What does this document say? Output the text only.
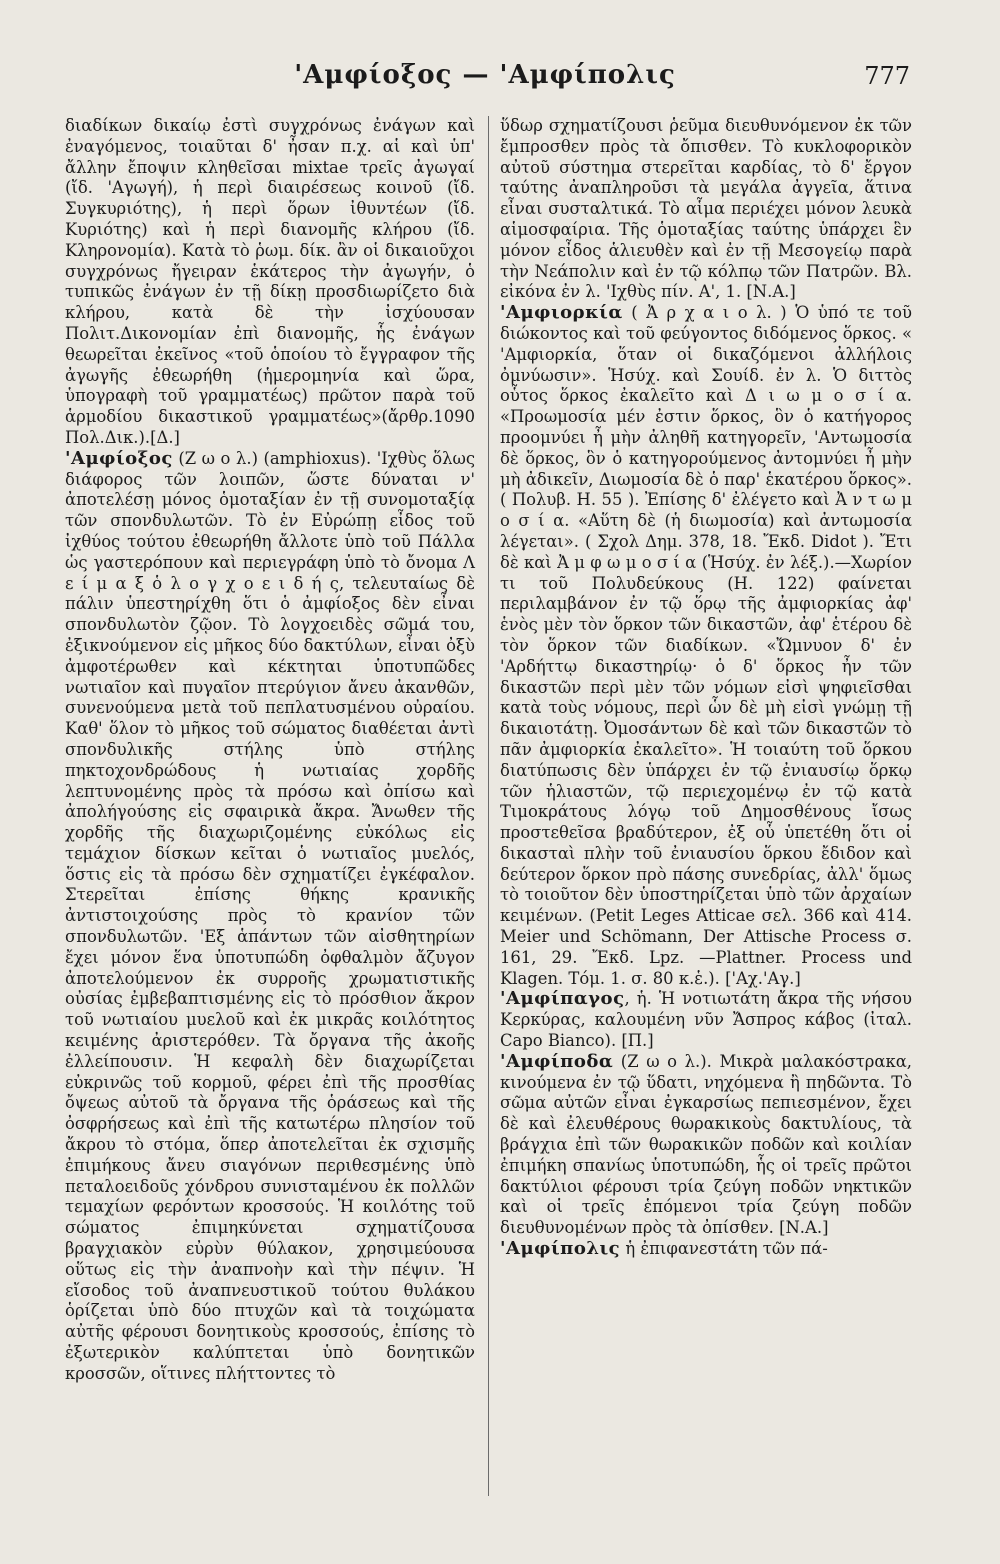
'Αμφίοξος — 'Αμφίπολις	777

διαδίκων δικαίῳ ἐστὶ συγχρόνως ἐνάγων καὶ ἐναγόμενος, τοιαῦται δ' ἦσαν π.χ. αἱ καὶ ὑπ' ἄλλην ἔποψιν κληθεῖσαι mixtae τρεῖς ἀγωγαί (ἴδ. 'Αγωγή), ἡ περὶ διαιρέσεως κοινοῦ (ἴδ. Συγκυριότης), ἡ περὶ ὅρων ἰθυντέων (ἴδ. Κυριότης) καὶ ἡ περὶ διανομῆς κλήρου (ἴδ. Κληρονομία). Κατὰ τὸ ῥωμ. δίκ. ἂν οἱ δικαιοῦχοι συγχρόνως ἤγειραν ἑκάτερος τὴν ἀγωγήν, ὁ τυπικῶς ἐνάγων ἐν τῇ δίκῃ προσδιωρίζετο διὰ κλήρου, κατὰ δὲ τὴν ἰσχύουσαν Πολιτ.Δικονομίαν ἐπὶ διανομῆς, ἧς ἐνάγων θεωρεῖται ἐκεῖνος «τοῦ ὁποίου τὸ ἔγγραφον τῆς ἀγωγῆς ἐθεωρήθη (ἡμερομηνία καὶ ὥρα, ὑπογραφὴ τοῦ γραμματέως) πρῶτον παρὰ τοῦ ἁρμοδίου δικαστικοῦ γραμματέως»(ἄρθρ.1090 Πολ.Δικ.).[Δ.]

'Αμφίοξος (Ζ ω ο λ.) (amphioxus). 'Ιχθὺς ὅλως διάφορος τῶν λοιπῶν, ὥστε δύναται ν' ἀποτελέσῃ μόνος ὁμοταξίαν ἐν τῇ συνομοταξίᾳ τῶν σπονδυλωτῶν. Τὸ ἐν Εὐρώπῃ εἶδος τοῦ ἰχθύος τούτου ἐθεωρήθη ἄλλοτε ὑπὸ τοῦ Πάλλα ὡς γαστερόπουν καὶ περιεγράφη ὑπὸ τὸ ὄνομα Λ ε ί μ α ξ ὁ λ ο γ χ ο ε ι δ ή ς, τελευταίως δὲ πάλιν ὑπεστηρίχθη ὅτι ὁ ἀμφίοξος δὲν εἶναι σπονδυλωτὸν ζῷον. Τὸ λογχοειδὲς σῶμά του, ἐξικνούμενον εἰς μῆκος δύο δακτύλων, εἶναι ὀξὺ ἀμφοτέρωθεν καὶ κέκτηται ὑποτυπῶδες νωτιαῖον καὶ πυγαῖον πτερύγιον ἄνευ ἀκανθῶν, συνενούμενα μετὰ τοῦ πεπλατυσμένου οὐραίου. Καθ' ὅλον τὸ μῆκος τοῦ σώματος διαθέεται ἀντὶ σπονδυλικῆς στήλης ὑπὸ στήλης πηκτοχονδρώδους ἡ νωτιαίας χορδῆς λεπτυνομένης πρὸς τὰ πρόσω καὶ ὀπίσω καὶ ἀπολήγούσης εἰς σφαιρικὰ ἄκρα. Ἄνωθεν τῆς χορδῆς τῆς διαχωριζομένης εὐκόλως εἰς τεμάχιον δίσκων κεῖται ὁ νωτιαῖος μυελός, ὅστις εἰς τὰ πρόσω δὲν σχηματίζει ἐγκέφαλον. Στερεῖται ἐπίσης θήκης κρανικῆς ἀντιστοιχούσης πρὸς τὸ κρανίον τῶν σπονδυλωτῶν. 'Εξ ἁπάντων τῶν αἰσθητηρίων ἔχει μόνον ἕνα ὑποτυπώδη ὀφθαλμὸν ἄζυγον ἀποτελούμενον ἐκ συρροῆς χρωματιστικῆς οὐσίας ἐμβεβαπτισμένης εἰς τὸ πρόσθιον ἄκρον τοῦ νωτιαίου μυελοῦ καὶ ἐκ μικρᾶς κοιλότητος κειμένης ἀριστερόθεν. Τὰ ὄργανα τῆς ἀκοῆς ἐλλείπουσιν. Ἡ κεφαλὴ δὲν διαχωρίζεται εὐκρινῶς τοῦ κορμοῦ, φέρει ἐπὶ τῆς προσθίας ὄψεως αὐτοῦ τὰ ὄργανα τῆς ὁράσεως καὶ τῆς ὀσφρήσεως καὶ ἐπὶ τῆς κατωτέρω πλησίον τοῦ ἄκρου τὸ στόμα, ὅπερ ἀποτελεῖται ἐκ σχισμῆς ἐπιμήκους ἄνευ σιαγόνων περιθεσμένης ὑπὸ πεταλοειδοῦς χόνδρου συνισταμένου ἐκ πολλῶν τεμαχίων φερόντων κροσσούς. Ἡ κοιλότης τοῦ σώματος ἐπιμηκύνεται σχηματίζουσα βραγχιακὸν εὐρὺν θύλακον, χρησιμεύουσα οὕτως εἰς τὴν ἀναπνοὴν καὶ τὴν πέψιν. Ἡ εἴσοδος τοῦ ἀναπνευστικοῦ τούτου θυλάκου ὁρίζεται ὑπὸ δύο πτυχῶν καὶ τὰ τοιχώματα αὐτῆς φέρουσι δονητικοὺς κροσσούς, ἐπίσης τὸ ἐξωτερικὸν καλύπτεται ὑπὸ δονητικῶν κροσσῶν, οἵτινες πλήττοντες τὸ

ὕδωρ σχηματίζουσι ῥεῦμα διευθυνόμενον ἐκ τῶν ἔμπροσθεν πρὸς τὰ ὄπισθεν. Τὸ κυκλοφορικὸν αὐτοῦ σύστημα στερεῖται καρδίας, τὸ δ' ἔργον ταύτης ἀναπληροῦσι τὰ μεγάλα ἀγγεῖα, ἅτινα εἶναι συσταλτικά. Τὸ αἷμα περιέχει μόνον λευκὰ αἱμοσφαίρια. Τῆς ὁμοταξίας ταύτης ὑπάρχει ἓν μόνον εἶδος ἁλιευθὲν καὶ ἐν τῇ Μεσογείῳ παρὰ τὴν Νεάπολιν καὶ ἐν τῷ κόλπῳ τῶν Πατρῶν. Βλ. εἰκόνα ἐν λ. 'Ιχθὺς πίν. Α', 1. [Ν.Α.]

'Αμφιορκία ( Ἀ ρ χ α ι ο λ. ) Ὁ ὑπό τε τοῦ διώκοντος καὶ τοῦ φεύγοντος διδόμενος ὅρκος. « 'Αμφιορκία, ὅταν οἱ δικαζόμενοι ἀλλήλοις ὀμνύωσιν». Ἡσύχ. καὶ Σουίδ. ἐν λ. Ὁ διττὸς οὗτος ὅρκος ἐκαλεῖτο καὶ Δ ι ω μ ο σ ί α. «Προωμοσία μέν ἐστιν ὅρκος, ὃν ὁ κατήγορος προομνύει ἦ μὴν ἀληθῆ κατηγορεῖν, 'Αντωμοσία δὲ ὅρκος, ὃν ὁ κατηγορούμενος ἀντομνύει ἦ μὴν μὴ ἀδικεῖν, Διωμοσία δὲ ὁ παρ' ἑκατέρου ὅρκος». ( Πολυβ. Η. 55 ). Ἐπίσης δ' ἐλέγετο καὶ Ἀ ν τ ω μ ο σ ί α. «Αὕτη δὲ (ἡ διωμοσία) καὶ ἀντωμοσία λέγεται». ( Σχολ Δημ. 378, 18. Ἔκδ. Didot ). Ἔτι δὲ καὶ Ἀ μ φ ω μ ο σ ί α (Ἡσύχ. ἐν λέξ.).—Χωρίον τι τοῦ Πολυδεύκους (Η. 122) φαίνεται περιλαμβάνον ἐν τῷ ὅρῳ τῆς ἀμφιορκίας ἀφ' ἑνὸς μὲν τὸν ὅρκον τῶν δικαστῶν, ἀφ' ἑτέρου δὲ τὸν ὅρκον τῶν διαδίκων. «Ὤμνυον δ' ἐν 'Αρδήττῳ δικαστηρίῳ· ὁ δ' ὅρκος ἦν τῶν δικαστῶν περὶ μὲν τῶν νόμων εἰσὶ ψηφιεῖσθαι κατὰ τοὺς νόμους, περὶ ὧν δὲ μὴ εἰσὶ γνώμῃ τῇ δικαιοτάτῃ. Ὀμοσάντων δὲ καὶ τῶν δικαστῶν τὸ πᾶν ἀμφιορκία ἐκαλεῖτο». Ἡ τοιαύτη τοῦ ὅρκου διατύπωσις δὲν ὑπάρχει ἐν τῷ ἐνιαυσίῳ ὅρκῳ τῶν ἡλιαστῶν, τῷ περιεχομένῳ ἐν τῷ κατὰ Τιμοκράτους λόγῳ τοῦ Δημοσθένους ἴσως προστεθεῖσα βραδύτερον, ἐξ οὗ ὑπετέθη ὅτι οἱ δικασταὶ πλὴν τοῦ ἐνιαυσίου ὅρκου ἔδιδον καὶ δεύτερον ὅρκον πρὸ πάσης συνεδρίας, ἀλλ' ὅμως τὸ τοιοῦτον δὲν ὑποστηρίζεται ὑπὸ τῶν ἀρχαίων κειμένων. (Petit Leges Atticae σελ. 366 καὶ 414. Meier und Schömann, Der Attische Process σ. 161, 29. Ἔκδ. Lpz. —Plattner. Process und Klagen. Τόμ. 1. σ. 80 κ.ἑ.). ['Αχ.'Αγ.]

'Αμφίπαγος, ἡ. Ἡ νοτιωτάτη ἄκρα τῆς νήσου Κερκύρας, καλουμένη νῦν Ἄσπρος κάβος (ἰταλ. Capo Bianco). [Π.]

'Αμφίποδα (Ζ ω ο λ.). Μικρὰ μαλακόστρακα, κινούμενα ἐν τῷ ὕδατι, νηχόμενα ἢ πηδῶντα. Τὸ σῶμα αὐτῶν εἶναι ἐγκαρσίως πεπιεσμένον, ἔχει δὲ καὶ ἐλευθέρους θωρακικοὺς δακτυλίους, τὰ βράγχια ἐπὶ τῶν θωρακικῶν ποδῶν καὶ κοιλίαν ἐπιμήκη σπανίως ὑποτυπώδη, ἧς οἱ τρεῖς πρῶτοι δακτύλιοι φέρουσι τρία ζεύγη ποδῶν νηκτικῶν καὶ οἱ τρεῖς ἑπόμενοι τρία ζεύγη ποδῶν διευθυνομένων πρὸς τὰ ὀπίσθεν. [Ν.Α.]

'Αμφίπολις ἡ ἐπιφανεστάτη τῶν πά-
